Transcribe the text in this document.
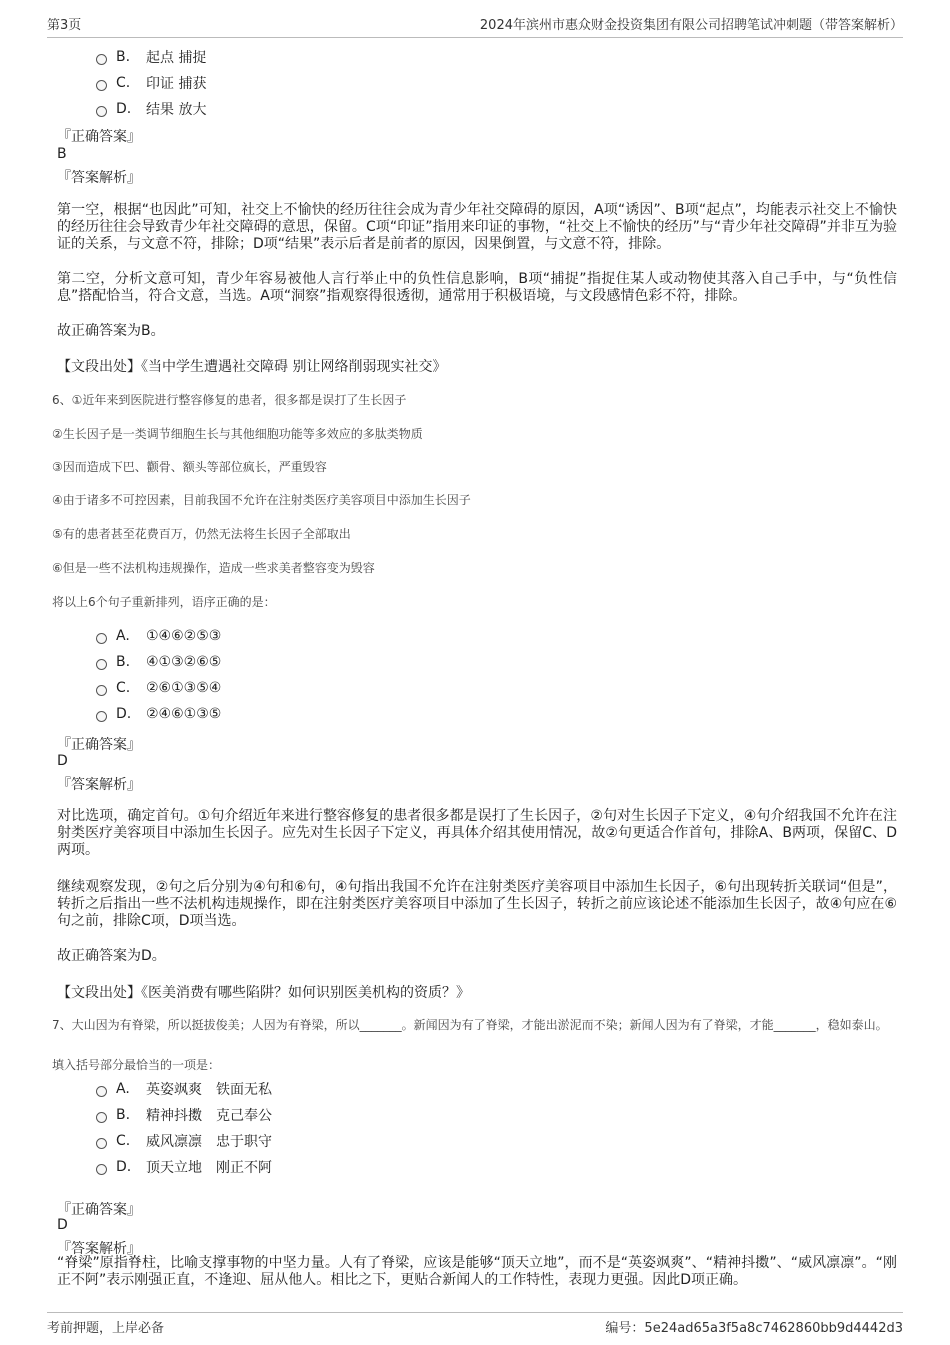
第3页	2024年滨州市惠众财金投资集团有限公司招聘笔试冲刺题（带答案解析）
B.	起点 捕捉
C.	印证 捕获
D.	结果 放大
『正确答案』
B
『答案解析』
第一空，根据“也因此”可知，社交上不愉快的经历往往会成为青少年社交障碍的原因，A项“诱因”、B项“起点”，均能表示社交上不愉快的经历往往会导致青少年社交障碍的意思，保留。C项“印证”指用来印证的事物，“社交上不愉快的经历”与“青少年社交障碍”并非互为验证的关系，与文意不符，排除；D项“结果”表示后者是前者的原因，因果倒置，与文意不符，排除。
第二空，分析文意可知，青少年容易被他人言行举止中的负性信息影响，B项“捕捉”指捉住某人或动物使其落入自己手中，与“负性信息”搭配恰当，符合文意，当选。A项“洞察”指观察得很透彻，通常用于积极语境，与文段感情色彩不符，排除。
故正确答案为B。
【文段出处】《当中学生遭遇社交障碍 别让网络削弱现实社交》
6、①近年来到医院进行整容修复的患者，很多都是误打了生长因子
②生长因子是一类调节细胞生长与其他细胞功能等多效应的多肽类物质
③因而造成下巴、颧骨、额头等部位疯长，严重毁容
④由于诸多不可控因素，目前我国不允许在注射类医疗美容项目中添加生长因子
⑤有的患者甚至花费百万，仍然无法将生长因子全部取出
⑥但是一些不法机构违规操作，造成一些求美者整容变为毁容
将以上6个句子重新排列，语序正确的是：
A.	①④⑥②⑤③
B.	④①③②⑥⑤
C.	②⑥①③⑤④
D.	②④⑥①③⑤
『正确答案』
D
『答案解析』
对比选项，确定首句。①句介绍近年来进行整容修复的患者很多都是误打了生长因子，②句对生长因子下定义，④句介绍我国不允许在注射类医疗美容项目中添加生长因子。应先对生长因子下定义，再具体介绍其使用情况，故②句更适合作首句，排除A、B两项，保留C、D两项。
继续观察发现，②句之后分别为④句和⑥句，④句指出我国不允许在注射类医疗美容项目中添加生长因子，⑥句出现转折关联词“但是”，转折之后指出一些不法机构违规操作，即在注射类医疗美容项目中添加了生长因子，转折之前应该论述不能添加生长因子，故④句应在⑥句之前，排除C项，D项当选。
故正确答案为D。
【文段出处】《医美消费有哪些陷阱？如何识别医美机构的资质？》
7、大山因为有脊梁，所以挺拔俊美；人因为有脊梁，所以_______。新闻因为有了脊梁，才能出淤泥而不染；新闻人因为有了脊梁，才能_______，稳如泰山。
填入括号部分最恰当的一项是：
A.	英姿飒爽　铁面无私
B.	精神抖擞　克己奉公
C.	威风凛凛　忠于职守
D.	顶天立地　刚正不阿
『正确答案』
D
『答案解析』
“脊梁”原指脊柱，比喻支撑事物的中坚力量。人有了脊梁，应该是能够“顶天立地”，而不是“英姿飒爽”、“精神抖擞”、“威风凛凛”。“刚正不阿”表示刚强正直，不逢迎、屈从他人。相比之下，更贴合新闻人的工作特性，表现力更强。因此D项正确。
考前押题，上岸必备	编号：5e24ad65a3f5a8c7462860bb9d4442d3
